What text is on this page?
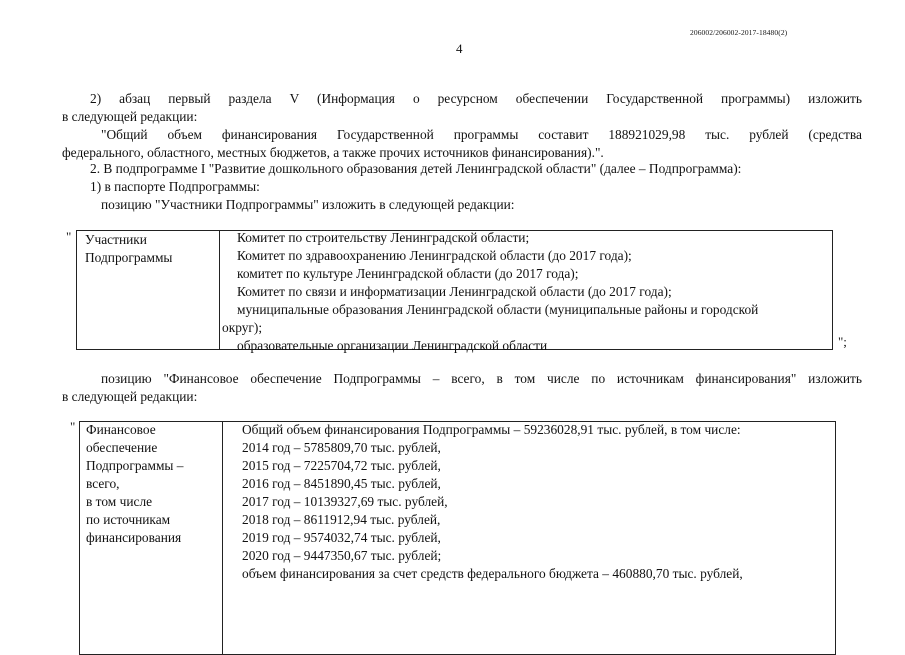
206002/206002-2017-18480(2)
4
2) абзац первый раздела V (Информация о ресурсном обеспечении Государственной программы) изложить
в следующей редакции:
"Общий объем финансирования Государственной программы составит 188921029,98 тыс. рублей (средства
федерального, областного, местных бюджетов, а также прочих источников финансирования).".
2. В подпрограмме I "Развитие дошкольного образования детей Ленинградской области" (далее – Подпрограмма):
1) в паспорте Подпрограммы:
позицию "Участники Подпрограммы" изложить в следующей редакции:
" Участники
Подпрограммы
Комитет по строительству Ленинградской области;
Комитет по здравоохранению Ленинградской области (до 2017 года);
комитет по культуре Ленинградской области (до 2017 года);
Комитет по связи и информатизации Ленинградской области (до 2017 года);
муниципальные образования Ленинградской области (муниципальные районы и городской
округ);
образовательные организации Ленинградской области	";
позицию "Финансовое обеспечение Подпрограммы – всего, в том числе по источникам финансирования" изложить
в следующей редакции:
" Финансовое
обеспечение
Подпрограммы –
всего,
в том числе
по источникам
финансирования
Общий объем финансирования Подпрограммы – 59236028,91 тыс. рублей, в том числе:
2014 год – 5785809,70 тыс. рублей,
2015 год – 7225704,72 тыс. рублей,
2016 год – 8451890,45 тыс. рублей,
2017 год – 10139327,69 тыс. рублей,
2018 год – 8611912,94 тыс. рублей,
2019 год – 9574032,74 тыс. рублей,
2020 год – 9447350,67 тыс. рублей;
объем финансирования за счет средств федерального бюджета – 460880,70 тыс. рублей,
